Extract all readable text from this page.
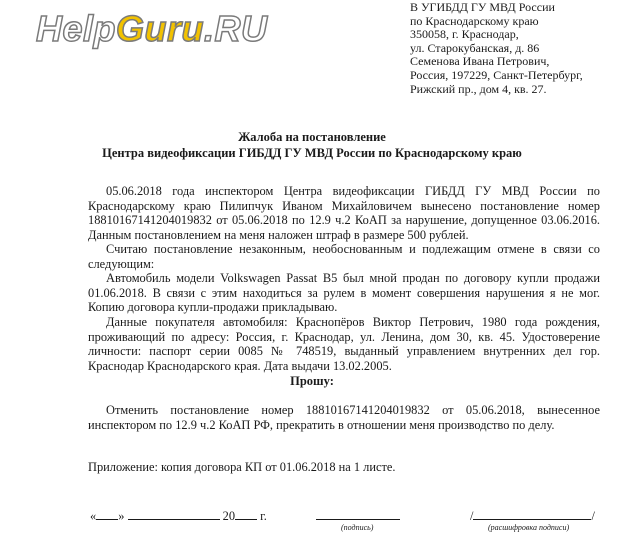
HelpGuru.RU
В УГИБДД ГУ МВД России
по Краснодарскому краю
350058, г. Краснодар,
ул. Старокубанская, д. 86
Семенова Ивана Петрович,
Россия, 197229, Санкт-Петербург,
Рижский пр., дом 4, кв. 27.
Жалоба на постановление
Центра видеофиксации ГИБДД ГУ МВД России по Краснодарскому краю
05.06.2018 года инспектором Центра видеофиксации ГИБДД ГУ МВД России по Краснодарскому краю Пилипчук Иваном Михайловичем вынесено постановление номер 18810167141204019832 от 05.06.2018 по 12.9 ч.2 КоАП за нарушение, допущенное 03.06.2016. Данным постановлением на меня наложен штраф в размере 500 рублей.
Считаю постановление незаконным, необоснованным и подлежащим отмене в связи со следующим:
Автомобиль модели Volkswagen Passat B5 был мной продан по договору купли продажи 01.06.2018. В связи с этим находиться за рулем в момент совершения нарушения я не мог. Копию договора купли-продажи прикладываю.
Данные покупателя автомобиля: Краснопёров Виктор Петрович, 1980 года рождения, проживающий по адресу: Россия, г. Краснодар, ул. Ленина, дом 30, кв. 45. Удостоверение личности: паспорт серии 0085 № 748519, выданный управлением внутренних дел гор. Краснодар Краснодарского края. Дата выдачи 13.02.2005.
Прошу:
Отменить постановление номер 18810167141204019832 от 05.06.2018, вынесенное инспектором по 12.9 ч.2 КоАП РФ, прекратить в отношении меня производство по делу.
Приложение: копия договора КП от 01.06.2018 на 1 листе.
« »	20 г.	/	/
(подпись)	(расшифровка подписи)
